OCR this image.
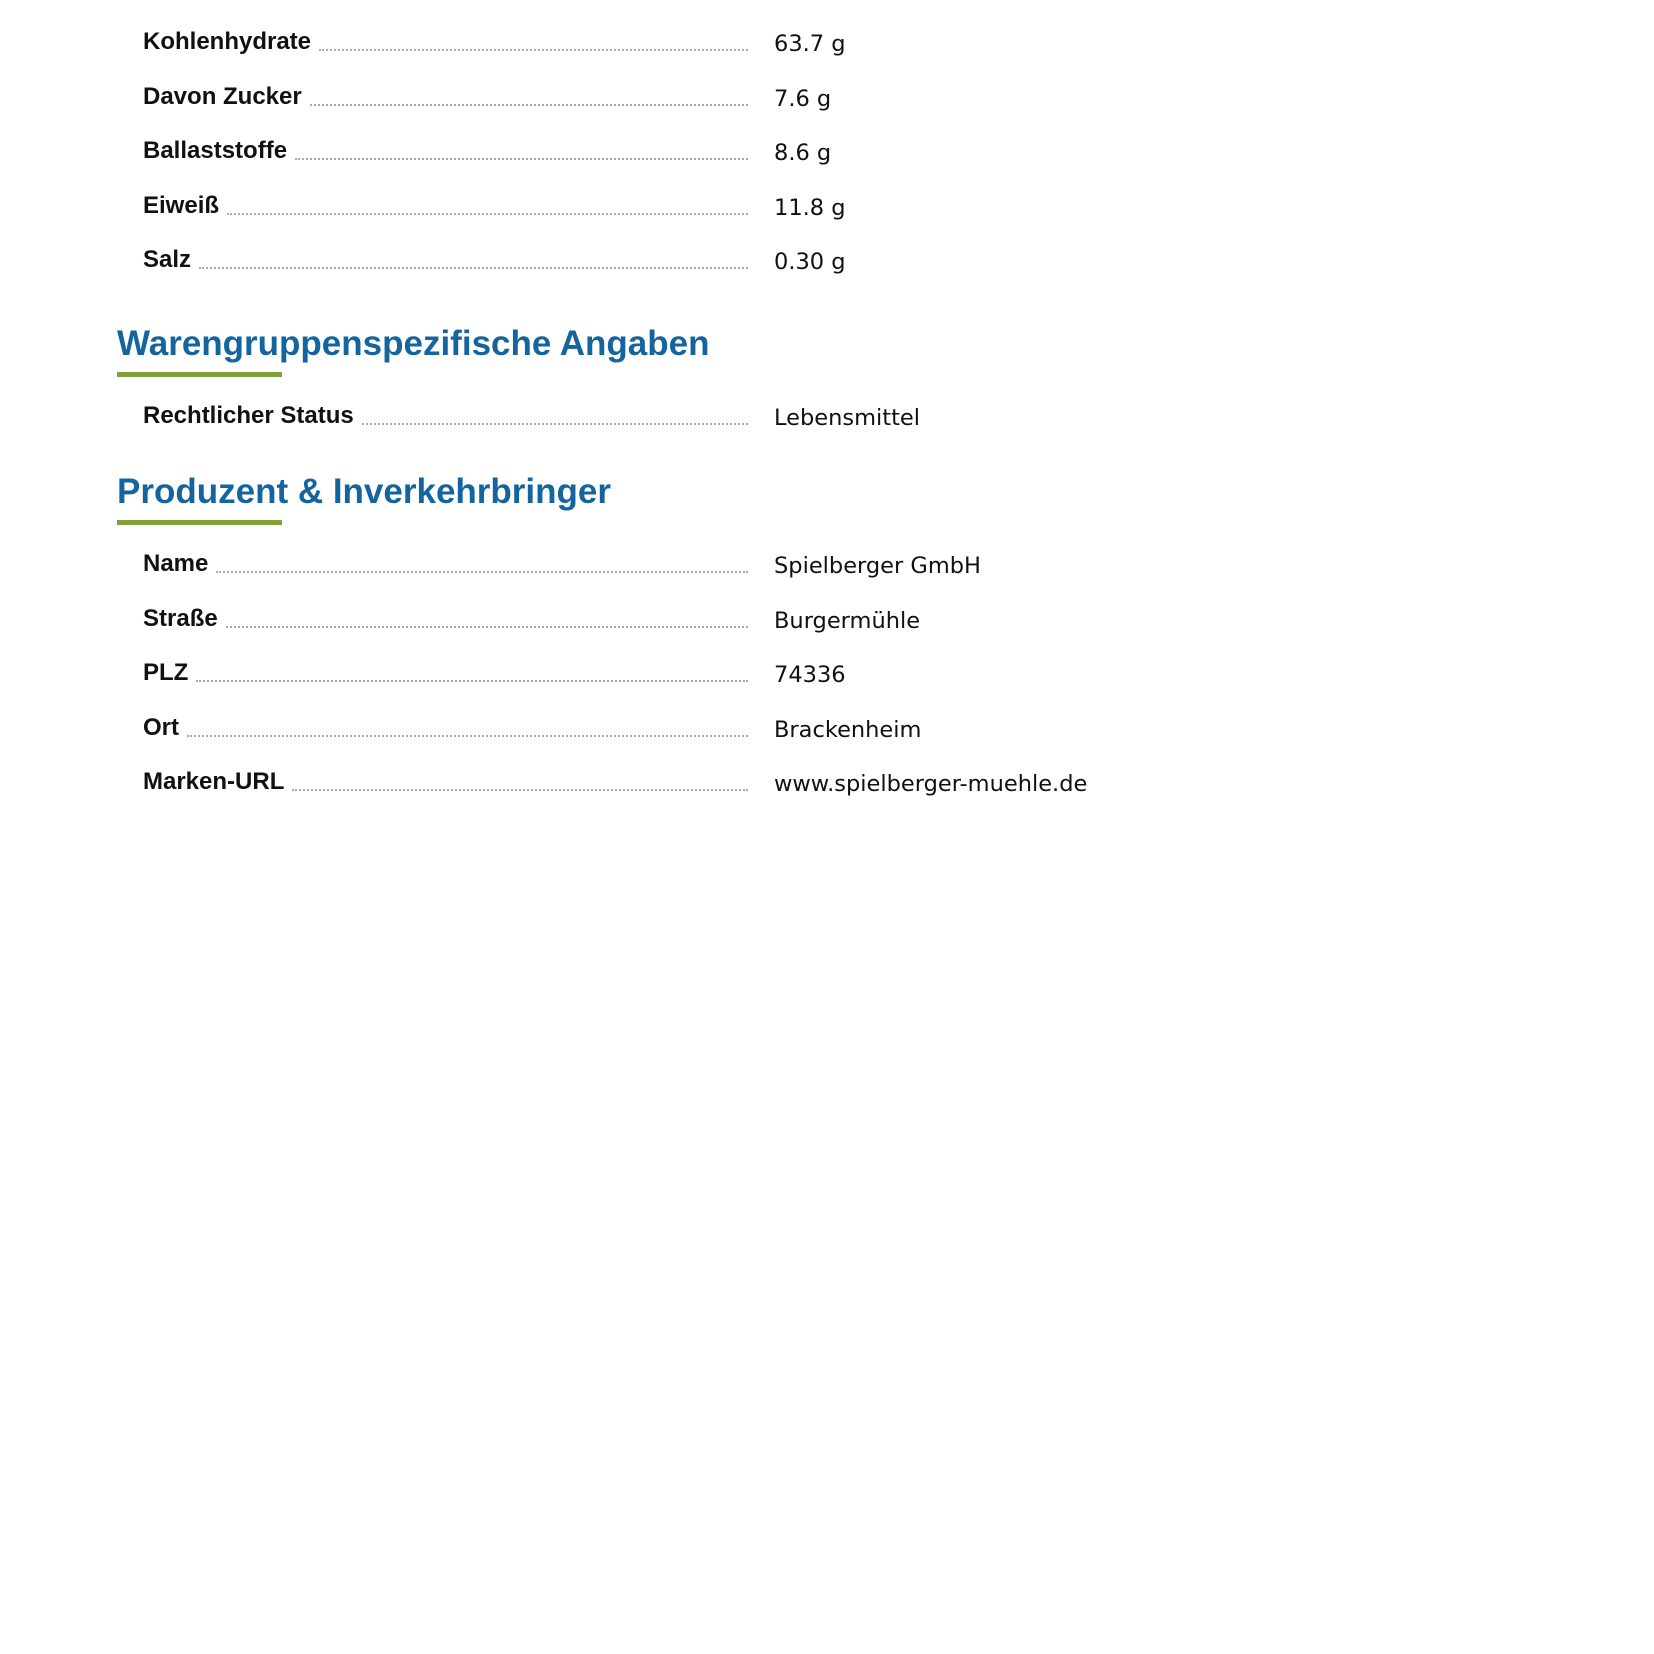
Kohlenhydrate	63.7 g
Davon Zucker	7.6 g
Ballaststoffe	8.6 g
Eiweiß	11.8 g
Salz	0.30 g
Warengruppenspezifische Angaben
Rechtlicher Status	Lebensmittel
Produzent & Inverkehrbringer
Name	Spielberger GmbH
Straße	Burgermühle
PLZ	74336
Ort	Brackenheim
Marken-URL	www.spielberger-muehle.de
